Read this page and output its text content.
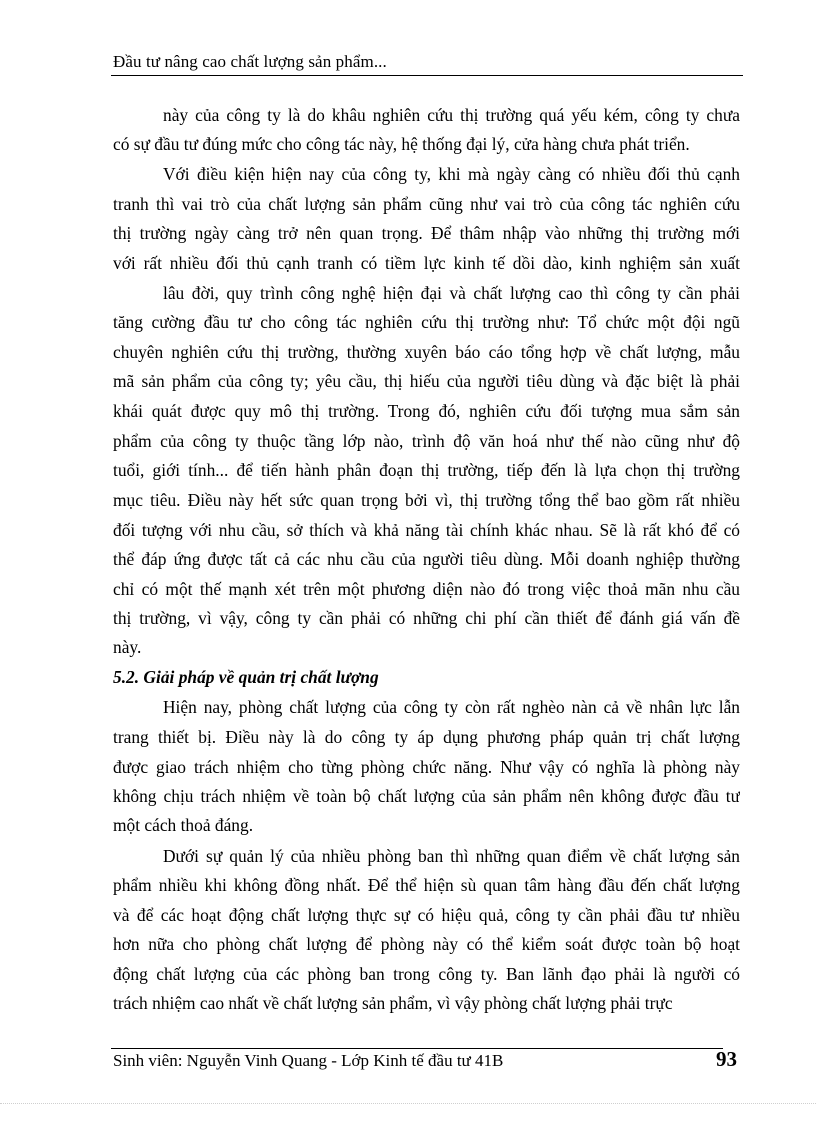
Đầu tư nâng cao chất lượng sản phẩm...
này của công ty là do khâu nghiên cứu thị trường quá yếu kém, công ty chưa
có sự đầu tư đúng mức cho công tác này, hệ thống đại lý, cửa hàng chưa phát triển.
Với điều kiện hiện nay của công ty, khi mà ngày càng có nhiều đối thủ cạnh
tranh thì vai trò của chất lượng sản phẩm cũng như vai trò của công tác nghiên cứu
thị trường ngày càng trở nên quan trọng. Để thâm nhập vào những thị trường mới
với rất nhiều đối thủ cạnh tranh có tiềm lực kinh tế dồi dào, kinh nghiệm sản xuất
lâu đời, quy trình công nghệ hiện đại và chất lượng cao thì công ty cần phải
tăng cường đầu tư cho công tác nghiên cứu thị trường như: Tổ chức một đội ngũ
chuyên nghiên cứu thị trường, thường xuyên báo cáo tổng hợp về chất lượng, mẫu
mã sản phẩm của công ty; yêu cầu, thị hiếu của người tiêu dùng và đặc biệt là phải
khái quát được quy mô thị trường. Trong đó, nghiên cứu đối tượng mua sắm sản
phẩm của công ty thuộc tầng lớp nào, trình độ văn hoá như thế nào cũng như độ
tuổi, giới tính... để tiến hành phân đoạn thị trường, tiếp đến là lựa chọn thị trường
mục tiêu. Điều này hết sức quan trọng bởi vì, thị trường tổng thể bao gồm rất nhiều
đối tượng với nhu cầu, sở thích và khả năng tài chính khác nhau. Sẽ là rất khó để có
thể đáp ứng được tất cả các nhu cầu của người tiêu dùng. Mỗi doanh nghiệp thường
chỉ có một thế mạnh xét trên một phương diện nào đó trong việc thoả mãn nhu cầu
thị trường, vì vậy, công ty cần phải có những chi phí cần thiết để đánh giá vấn đề
này.
5.2. Giải pháp về quản trị chất lượng
Hiện nay, phòng chất lượng của công ty còn rất nghèo nàn cả về nhân lực lẫn
trang thiết bị. Điều này là do công ty áp dụng phương pháp quản trị chất lượng
được giao trách nhiệm cho từng phòng chức năng. Như vậy có nghĩa là phòng này
không chịu trách nhiệm về toàn bộ chất lượng của sản phẩm nên không được đầu tư
một cách thoả đáng.
Dưới sự quản lý của nhiều phòng ban thì những quan điểm về chất lượng sản
phẩm nhiều khi không đồng nhất. Để thể hiện sù quan tâm hàng đầu đến chất lượng
và để các hoạt động chất lượng thực sự có hiệu quả, công ty cần phải đầu tư nhiều
hơn nữa cho phòng chất lượng để phòng này có thể kiểm soát được toàn bộ hoạt
động chất lượng của các phòng ban trong công ty. Ban lãnh đạo phải là người có
trách nhiệm cao nhất về chất lượng sản phẩm, vì vậy phòng chất lượng phải trực
Sinh viên: Nguyễn Vinh Quang - Lớp Kinh tế đầu tư 41B	93
